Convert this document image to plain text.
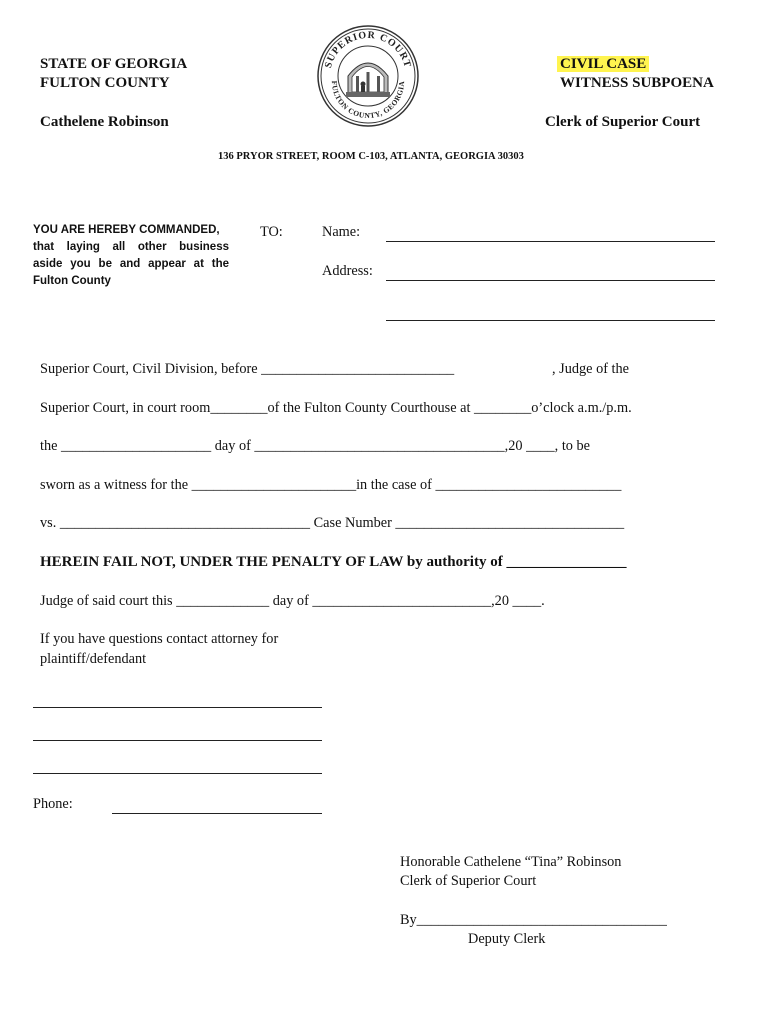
STATE OF GEORGIA
FULTON COUNTY
Cathelene Robinson
SUPERIOR COURT
FULTON COUNTY, GEORGIA
CIVIL CASE
WITNESS SUBPOENA
Clerk of Superior Court
136 PRYOR STREET, ROOM C-103, ATLANTA, GEORGIA 30303
YOU ARE HEREBY COMMANDED,
that laying all other business
aside you be and appear at the
Fulton County
TO:	Name:
Address:
Superior Court, Civil Division, before ___________________________	, Judge of the
Superior Court, in court room________of the Fulton County Courthouse at ________o’clock a.m./p.m.
the _____________________ day of ___________________________________,20 ____, to be
sworn as a witness for the _______________________in the case of __________________________
vs. ___________________________________ Case Number ________________________________
HEREIN FAIL NOT, UNDER THE PENALTY OF LAW by authority of ________________
Judge of said court this _____________ day of _________________________,20 ____.
If you have questions contact attorney for
plaintiff/defendant
Phone:
Honorable Cathelene “Tina” Robinson
Clerk of Superior Court
By___________________________________
Deputy Clerk
